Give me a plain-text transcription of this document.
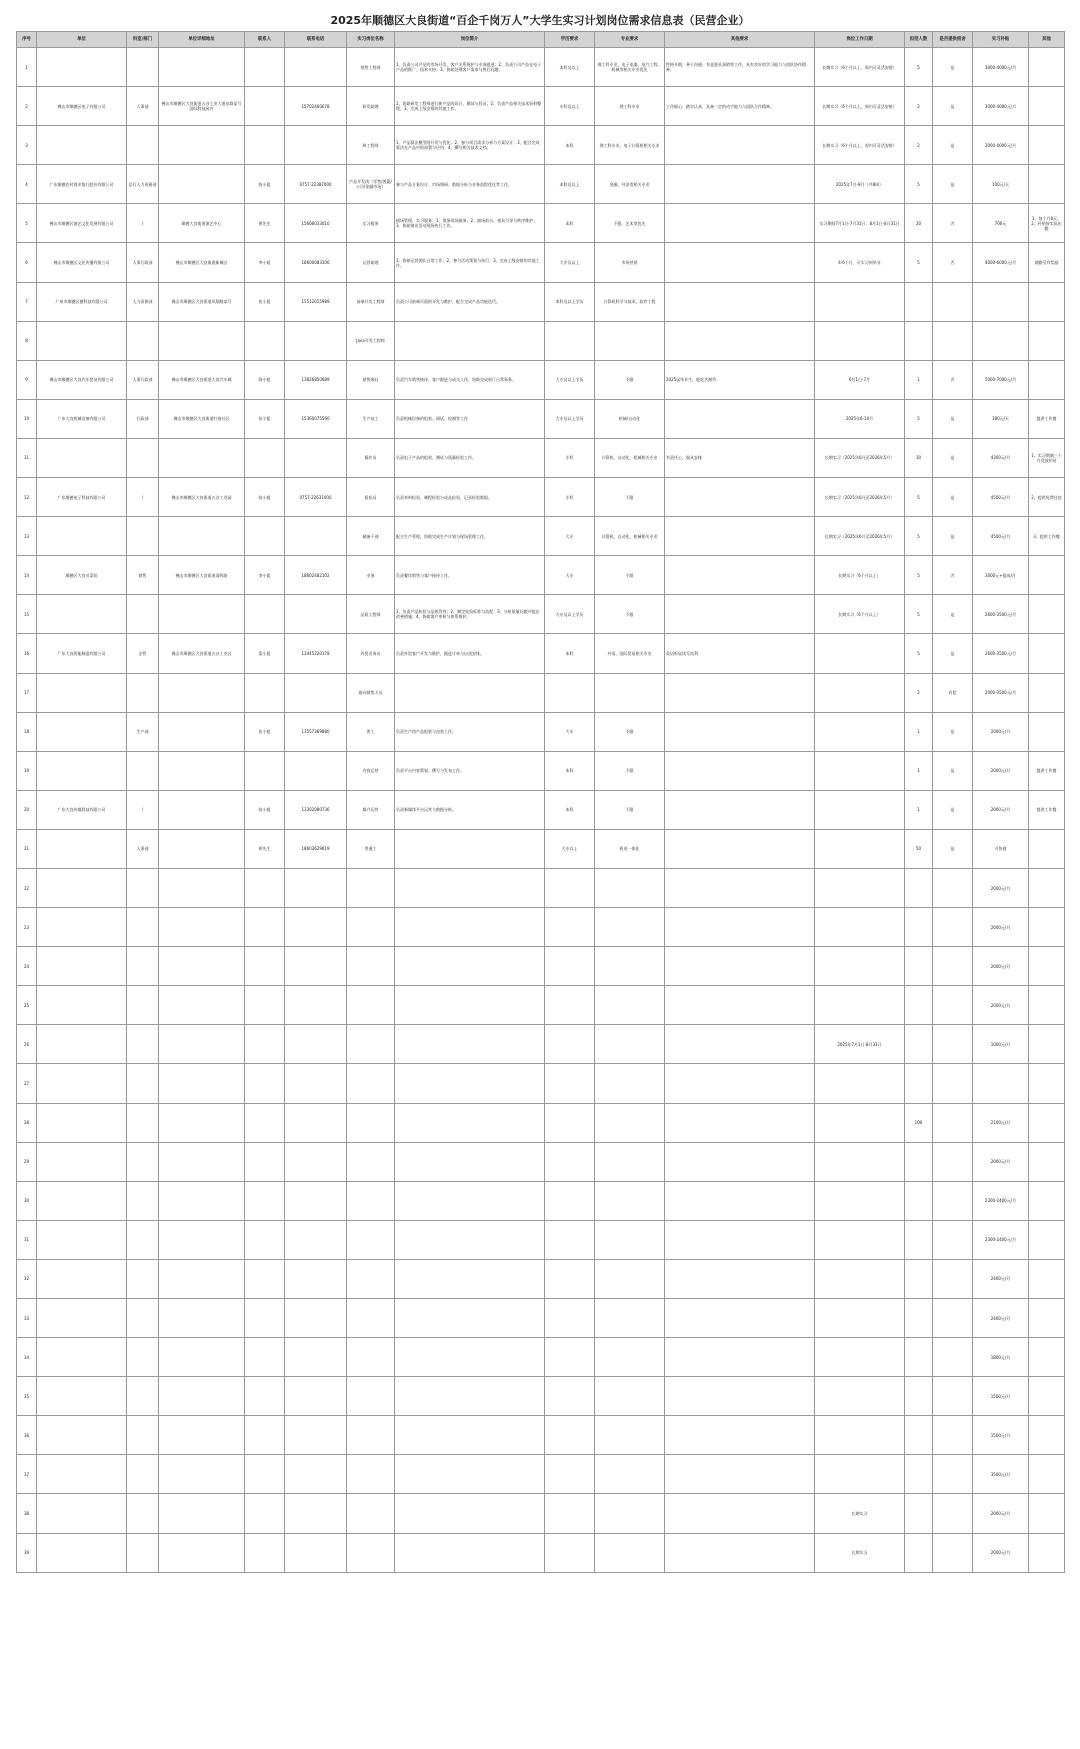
2025年顺德区大良街道“百企千岗万人”大学生实习计划岗位需求信息表（民营企业）
序号	单位	科室/部门	单位详细地址	联系人	联系电话	实习岗位名称	岗位简介	学历要求	专业要求	其他要求	岗位工作日期	拟招人数	是否提供宿舍	实习补贴	其他
1						销售工程师	1、负责公司产品的市场开发、客户关系维护与业务跟进；2、负责公司产品在电子产品的推广、技术支持；3、协助处理客户需求与售后问题。	本科及以上	理工科专业，电子电器、电气工程、机械等相关专业优先	性格开朗，善于沟通，有意愿从事销售工作，具有良好的学习能力与团队协作精神。	长期实习（6个月以上，周内可灵活安排）	5	是	3000-4000元/月	
2	佛山市顺德区电子有限公司	人事部	佛山市顺德区大良街道五沙工业大道东路某号国际科技园内		15702460678	研发助理	1、协助研发工程师进行新产品的设计、测试与验证；2、负责产品相关技术资料整理；3、完成上级安排的其他工作。	专科及以上	理工科专业	工作细心、踏实认真，具备一定的动手能力与团队合作精神。	长期实习（6个月以上，周内可灵活安排）	2	是	3000-4000元/月	
3						AI工程师	1、产品算法模型的开发与优化；2、参与项目需求分析与方案设计；3、配合完成算法在产品中的部署与应用；4、撰写相关技术文档。	本科	理工科专业，电子计算机相关专业		长期实习（6个月以上，周内可灵活安排）	2	是	3000-4000元/月	
4	广东顺德农村商业银行股份有限公司	总行人力资源部		陈小姐	0757-22387000	产品开发岗（零售/普惠/公司/金融市场）	参与产品方案设计、市场调研、数据分析与业务流程优化等工作。	本科及以上	金融、经济类相关专业		2025年7月-8月（共8周）	5	是	100元/天	
5	佛山市顺德区演艺文化发展有限公司	/	顺德大良街道演艺中心	黄先生	15606033010	实习服务	剧场管理、实习服务：1、票务现场服务；2、剧场前台、观众引导与秩序维护；3、协助演出活动现场执行工作。	本科	不限，艺术类优先		实习期间7月1日-7月31日；8月1日-8月31日	20	否	700元	1、每个月8天；2、补贴按实际出勤
6	佛山市顺德区文化传播有限公司	人事行政部	佛山市顺德区大良街道新城区	李小姐	18600083106	运营助理	1、协助运营团队日常工作；2、参与活动策划与执行；3、完成上级安排的其他工作。	大专及以上	市场营销		4-6个月，可实习到毕业	5	否	4000-6000元/月	满勤另有奖励
7	广州市顺德区德科技有限公司	人力资源部	佛山市顺德区大良街道凤翔路某号	张小姐	15512015989	前端开发工程师	负责公司前端页面的开发与维护，配合完成产品功能迭代。	本科及以上学历	计算机科学与技术、软件工程						
8						Java开发工程师									
9	佛山市顺德区大良汽车贸易有限公司	人事行政部	佛山市顺德区大良街道大良汽车城	陈小姐	13826850689	销售顾问	负责汽车销售接待、客户跟进与成交工作，协助完成展厅日常事务。	大专及以上学历	不限	2025届毕业生，能吃苦耐劳	6月1日-7月	1	否	5000-7000元/月	
10	广东大良机械设备有限公司	行政部	佛山市顺德区大良街道红岗社区	张小姐	15360075560	生产技工	负责机械设备的组装、调试、检测等工作	大专及以上学历	机械/自动化		2025年6-10月	5	是	180元/天	提供工作餐
11						操作员	负责电子产品的组装、测试与质量检验工作。	专科	计算机、自动化、机械相关专业	有责任心，服从安排	长期实习（2025年6月至2026年5月）	30	是	4300元/月	1、实习期满三个月发放补贴
12	广东顺德电子科技有限公司	/	佛山市顺德区大良街道五沙工业园	陈小姐	0757-22631000	质检员	负责来料检验、制程检验与成品检验，记录检验数据。	专科	不限		长期实习（2025年6月至2026年5月）	5	是	4500元/月	2、提供免费住宿
13						储备干部	配合生产管理，协助完成生产计划与现场管理工作。	大专	计算机、自动化、机械相关专业		长期实习（2025年6月至2026年5月）	5	是	4500元/月	3、提供工作餐
14	顺德区大良川菜馆	销售	佛山市顺德区大良街道清晖路	李小姐	18602482102	业务	负责餐饮销售与客户接待工作。	大专	不限		长期实习（6个月以上）	5	否	3000元+提成/月	
15						品质工程师	1、负责产品检验与品质管控；2、制定检验标准与流程；3、分析质量问题并提出改善措施；4、协助客户审核与体系维护。	大专及以上学历	不限		长期实习（6个月以上）	5	是	2600-3500元/月	
16	广东大良智能制造有限公司	企管	佛山市顺德区大良街道五沙工业区	梁小姐	13445220178	外贸业务员	负责外贸客户开发与维护，跟进订单与出货安排。	本科	外语、国际贸易相关专业	英语听说读写流利		5	是	2600-3500元/月	
17						面向销售人员						2	有偿	2000-3500元/月	
18		生产部		张小姐	13557369880	普工	负责生产线产品组装与包装工作。	大专	不限			1	是	2000元/月	
19						内容运营	负责平台内容策划、撰写与发布工作。	本科	不限			1	是	2000元/月	提供工作餐
20	广东大良传媒科技有限公司	/		陈小姐	13302080736	媒介运营	负责新媒体平台运营与数据分析。	本科	不限			1	是	2000元/月	提供工作餐
21		人事部		黄先生	18603629619	普通工		大专以上	机电一体化			50	是	可协商	
22														2000元/月	
23														2000元/月	
24														2000元/月	
25														2000元/月	
26											2025年7月1日-8月31日			1000元/月	
27															
28												100		2100元/月	
29														2000元/月	
30														2300-2400元/月	
31														2300-2400元/月	
32														2400元/月	
33														2400元/月	
34														1800元/月	
35														1500元/月	
36														1500元/月	
37														3500元/月	
38											长期实习			2000元/月	
39											长期实习			2000元/月	
